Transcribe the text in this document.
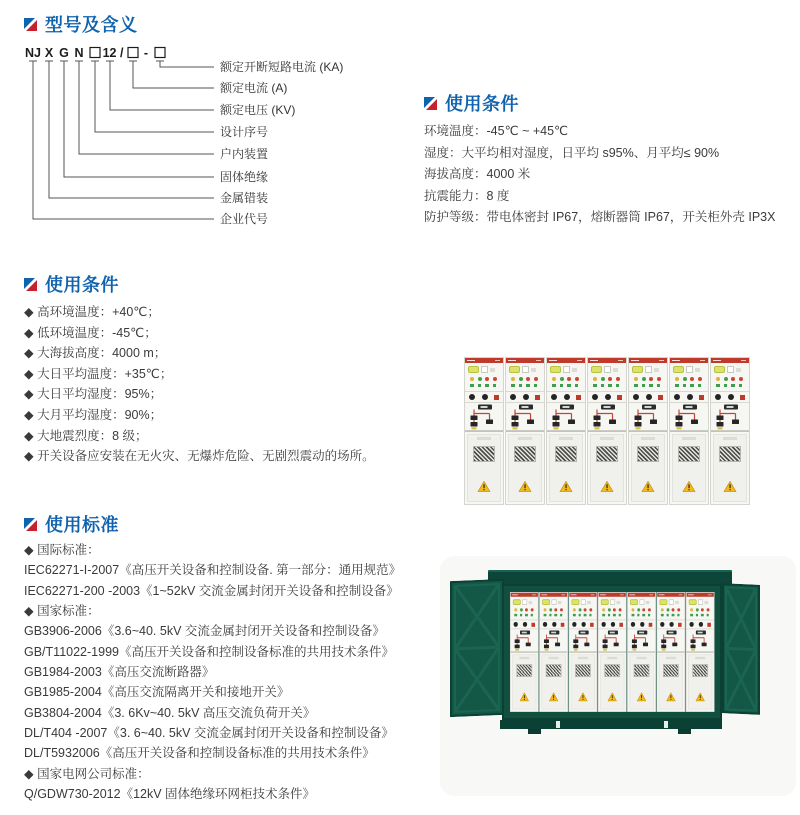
型号及含义
NJ X G N 12 / -
额定开断短路电流 (KA)
额定电流 (A)
额定电压 (KV)
设计序号
户内装置
固体绝缘
金属错装
企业代号
使用条件
环境温度：-45℃ ~ +45℃
湿度：大平均相对湿度，日平均 s95%、月平均≤ 90%
海拔高度：4000 米
抗震能力：8 度
防护等级：带电体密封 IP67，熔断器筒 IP67，开关柜外壳 IP3X
使用条件
◆ 高环境温度：+40℃；
◆ 低环境温度：-45℃；
◆ 大海拔高度：4000 m；
◆ 大日平均温度：+35℃；
◆ 大日平均湿度：95%；
◆ 大月平均湿度：90%；
◆ 大地震烈度：8 级；
◆ 开关设备应安装在无火灾、无爆炸危险、无剧烈震动的场所。
使用标准
◆ 国际标准：
IEC62271-I-2007《高压开关设备和控制设备. 第一部分：通用规范》
IEC62271-200 -2003《1~52kV 交流金属封闭开关设备和控制设备》
◆ 国家标准：
GB3906-2006《3.6~40. 5kV 交流金属封闭开关设备和控制设备》
GB/T11022-1999《高压开关设备和控制设备标准的共用技术条件》
GB1984-2003《高压交流断路器》
GB1985-2004《高压交流隔离开关和接地开关》
GB3804-2004《3. 6Kv~40. 5kV 高压交流负荷开关》
DL/T404 -2007《3. 6~40. 5kV 交流金属封闭开关设备和控制设备》
DL/T5932006《高压开关设备和控制设备标准的共用技术条件》
◆ 国家电网公司标准：
Q/GDW730-2012《12kV 固体绝缘环网柜技术条件》
